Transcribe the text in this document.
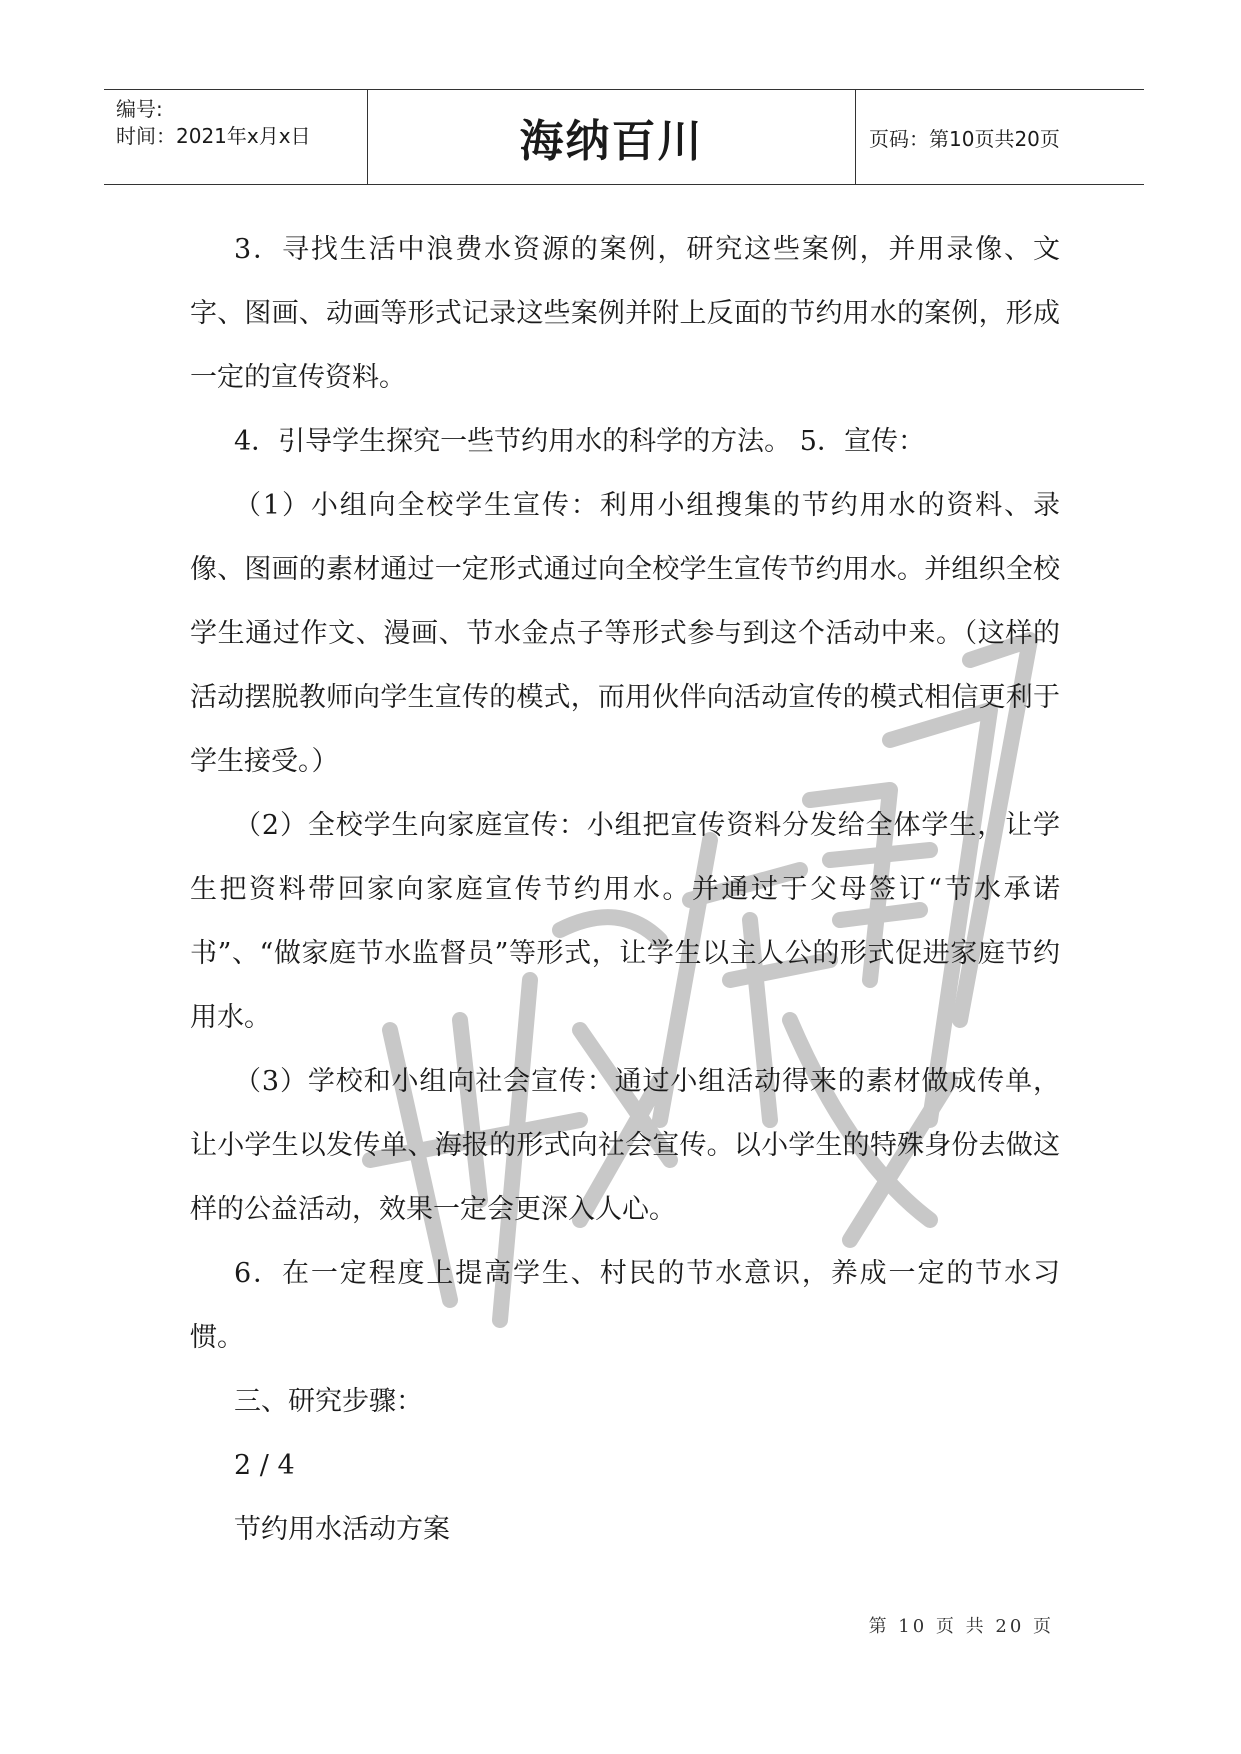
编号:
时间：2021年x月x日	海纳百川	页码：第10页共20页

3．寻找生活中浪费水资源的案例，研究这些案例，并用录像、文字、图画、动画等形式记录这些案例并附上反面的节约用水的案例，形成一定的宣传资料。

4．引导学生探究一些节约用水的科学的方法。 5．宣传：

（1）小组向全校学生宣传：利用小组搜集的节约用水的资料、录像、图画的素材通过一定形式通过向全校学生宣传节约用水。并组织全校学生通过作文、漫画、节水金点子等形式参与到这个活动中来。（这样的活动摆脱教师向学生宣传的模式，而用伙伴向活动宣传的模式相信更利于学生接受。）

（2）全校学生向家庭宣传：小组把宣传资料分发给全体学生，让学生把资料带回家向家庭宣传节约用水。并通过于父母签订“节水承诺书”、“做家庭节水监督员”等形式，让学生以主人公的形式促进家庭节约用水。

（3）学校和小组向社会宣传：通过小组活动得来的素材做成传单，让小学生以发传单、海报的形式向社会宣传。以小学生的特殊身份去做这样的公益活动，效果一定会更深入人心。

6．在一定程度上提高学生、村民的节水意识，养成一定的节水习惯。

三、研究步骤：

2 / 4

节约用水活动方案

第 10 页 共 20 页
